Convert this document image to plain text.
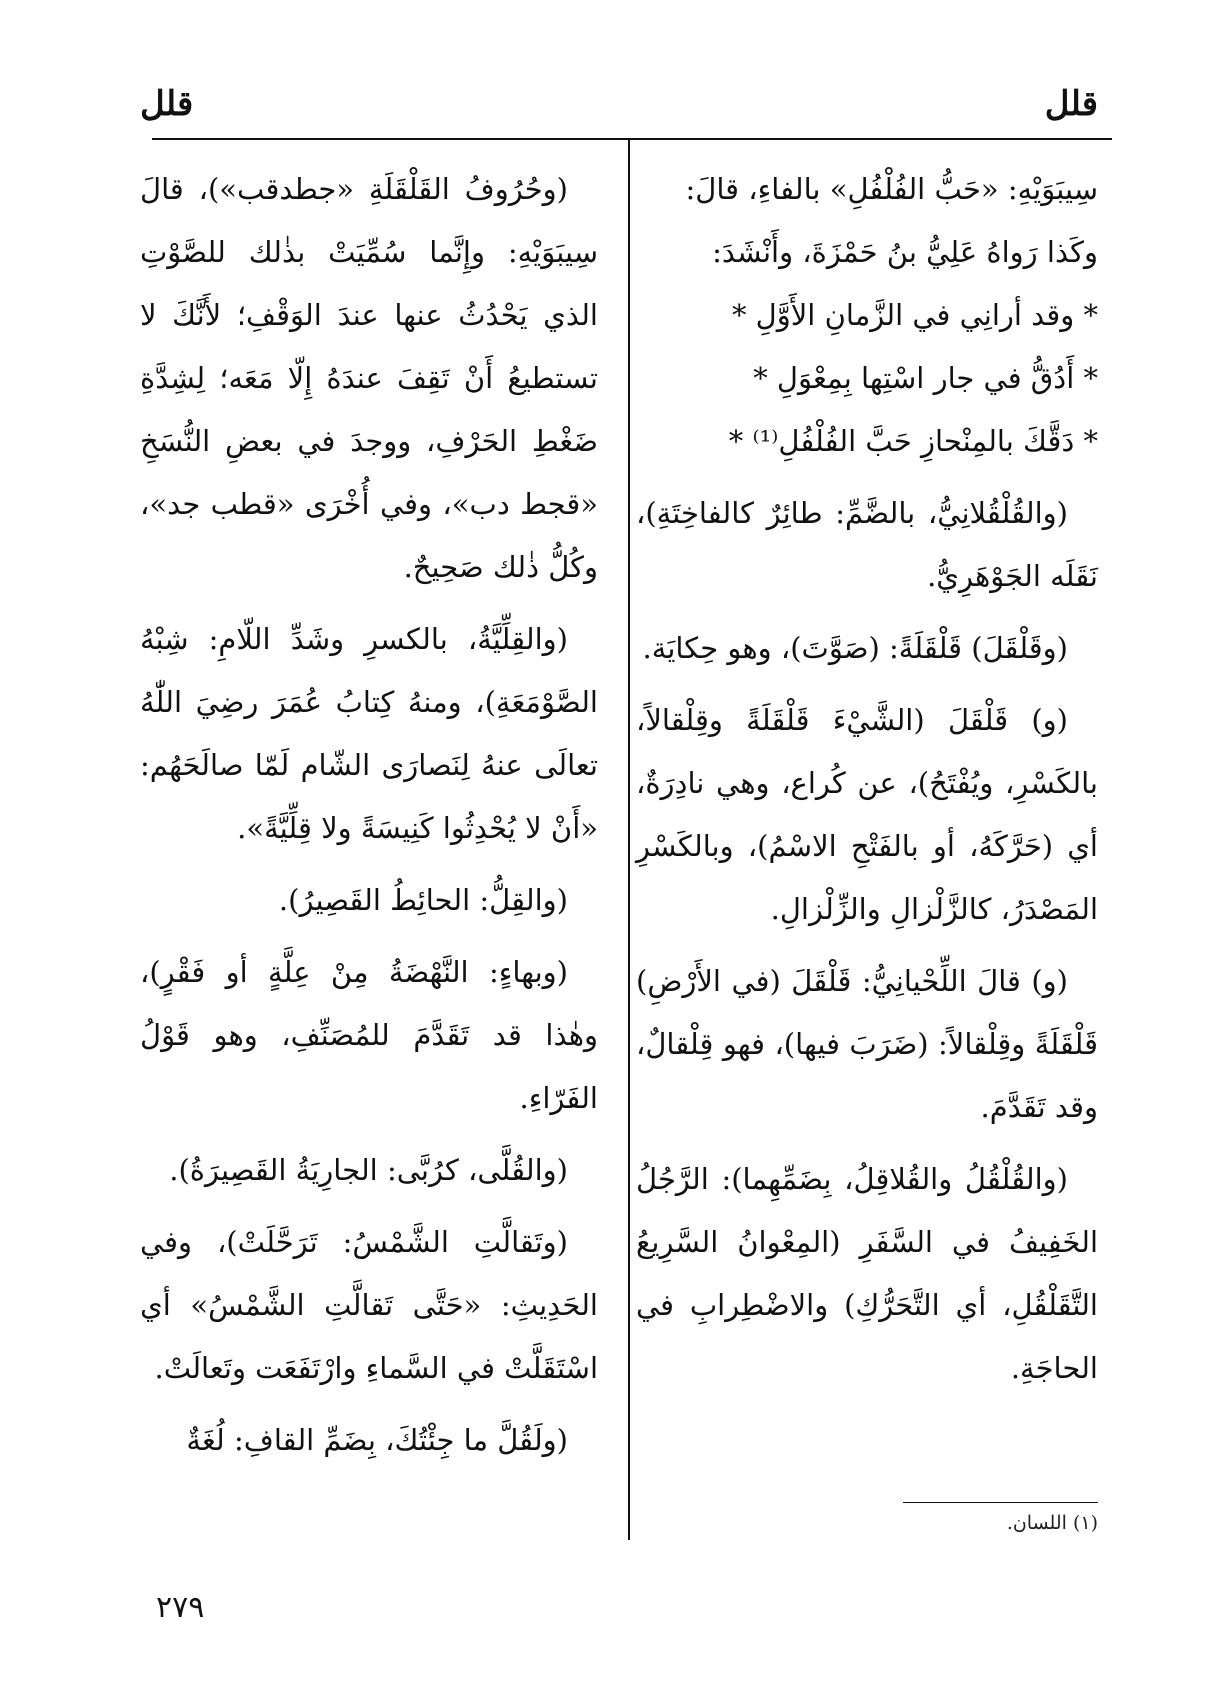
قلل
قلل
سِيبَوَيْهِ: «حَبُّ الفُلْفُلِ» بالفاءِ، قالَ:
وكَذا رَواهُ عَلِيُّ بنُ حَمْزَةَ، وأَنْشَدَ:
* وقد أرانِي في الزَّمانِ الأَوَّلِ *
* أَدُقُّ في جار اسْتِها بِمِعْوَلِ *
* دَقَّكَ بالمِنْحازِ حَبَّ الفُلْفُلِ⁽¹⁾ *

(والقُلْقُلانِيُّ، بالضَّمِّ: طائِرٌ كالفاخِتَةِ)، نَقَلَه الجَوْهَرِيُّ.

(وقَلْقَلَ) قَلْقَلَةً: (صَوَّتَ)، وهو حِكايَة.

(و) قَلْقَلَ (الشَّيْءَ قَلْقَلَةً وقِلْقالاً، بالكَسْرِ، ويُفْتَحُ)، عن كُراع، وهي نادِرَةٌ، أي (حَرَّكَهُ، أو بالفَتْحِ الاسْمُ)، وبالكَسْرِ المَصْدَرُ، كالزَّلْزالِ والزِّلْزالِ.

(و) قالَ اللِّحْيانِيُّ: قَلْقَلَ (في الأَرْضِ) قَلْقَلَةً وقِلْقالاً: (ضَرَبَ فيها)، فهو قِلْقالٌ، وقد تَقَدَّمَ.

(والقُلْقُلُ والقُلاقِلُ، بِضَمِّهِما): الرَّجُلُ الخَفِيفُ في السَّفَرِ (المِعْوانُ السَّرِيعُ التَّقَلْقُلِ، أي التَّحَرُّكِ) والاضْطِرابِ في الحاجَةِ.

(وحُرُوفُ القَلْقَلَةِ «جطدقب»)، قالَ سِيبَوَيْهِ: وإِنَّما سُمِّيَتْ بذٰلك للصَّوْتِ الذي يَحْدُثُ عنها عندَ الوَقْفِ؛ لأَنَّكَ لا تستطيعُ أَنْ تَقِفَ عندَهُ إِلّا مَعَه؛ لِشِدَّةِ ضَغْطِ الحَرْفِ، ووجدَ في بعضِ النُّسَخِ «قجط دب»، وفي أُخْرَى «قطب جد»، وكُلُّ ذٰلك صَحِيحٌ.

(والقِلِّيَّةُ، بالكسرِ وشَدِّ اللّامِ: شِبْهُ الصَّوْمَعَةِ)، ومنهُ كِتابُ عُمَرَ رضِيَ اللّٰهُ تعالَى عنهُ لِنَصارَى الشّام لَمّا صالَحَهُم: «أَنْ لا يُحْدِثُوا كَنِيسَةً ولا قِلِّيَّةً».

(والقِلُّ: الحائِطُ القَصِيرُ).

(وبهاءٍ: النَّهْضَةُ مِنْ عِلَّةٍ أو فَقْرٍ)، وهٰذا قد تَقَدَّمَ للمُصَنِّفِ، وهو قَوْلُ الفَرّاءِ.

(والقُلَّى، كرُبَّى: الجارِيَةُ القَصِيرَةُ).

(وتَقالَّتِ الشَّمْسُ: تَرَحَّلَتْ)، وفي الحَدِيثِ: «حَتَّى تَقالَّتِ الشَّمْسُ» أي اسْتَقَلَّتْ في السَّماءِ وارْتَفَعَت وتَعالَتْ.

(ولَقُلَّ ما جِئْتُكَ، بِضَمِّ القافِ: لُغَةٌ

(١) اللسان.
٢٧٩
